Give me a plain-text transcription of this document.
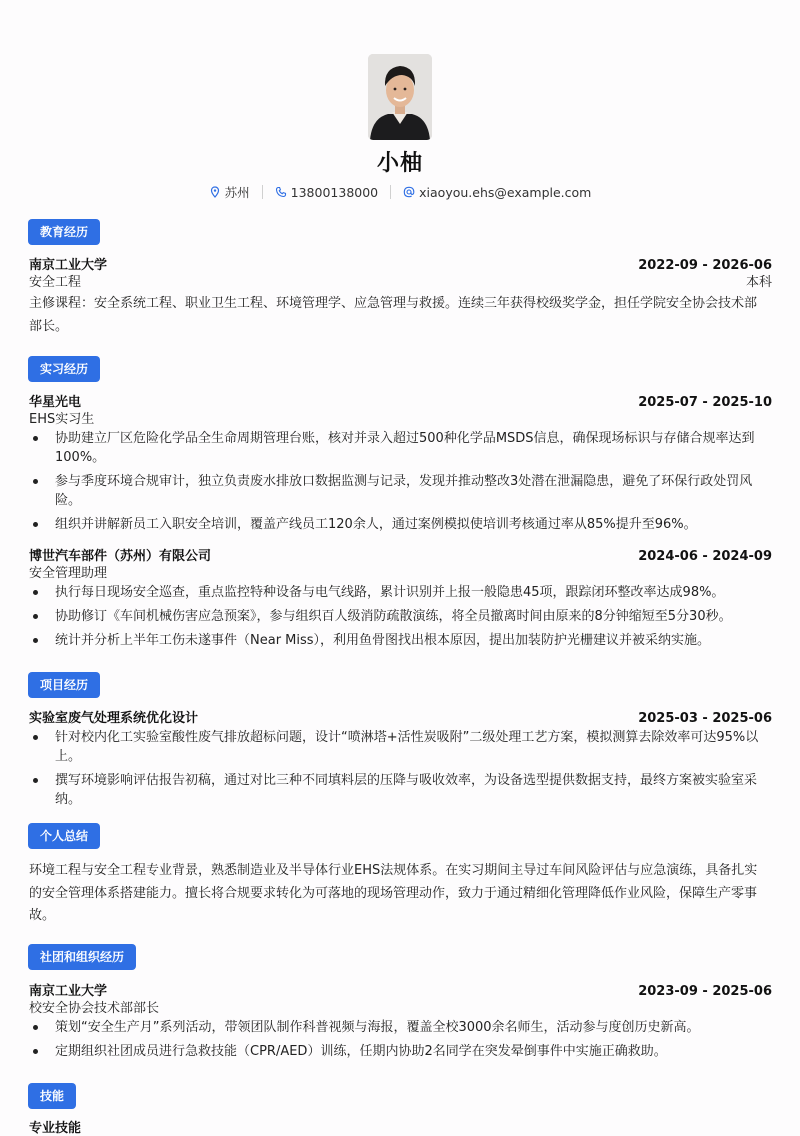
小柚
苏州	13800138000	xiaoyou.ehs@example.com
教育经历
南京工业大学	2022-09 - 2026-06
安全工程	本科

主修课程：安全系统工程、职业卫生工程、环境管理学、应急管理与救援。连续三年获得校级奖学金，担任学院安全协会技术部部长。

实习经历
华星光电	2025-07 - 2025-10
EHS实习生
协助建立厂区危险化学品全生命周期管理台账，核对并录入超过500种化学品MSDS信息，确保现场标识与存储合规率达到100%。
参与季度环境合规审计，独立负责废水排放口数据监测与记录，发现并推动整改3处潜在泄漏隐患，避免了环保行政处罚风险。
组织并讲解新员工入职安全培训，覆盖产线员工120余人，通过案例模拟使培训考核通过率从85%提升至96%。
博世汽车部件（苏州）有限公司	2024-06 - 2024-09
安全管理助理
执行每日现场安全巡查，重点监控特种设备与电气线路，累计识别并上报一般隐患45项，跟踪闭环整改率达成98%。
协助修订《车间机械伤害应急预案》，参与组织百人级消防疏散演练，将全员撤离时间由原来的8分钟缩短至5分30秒。
统计并分析上半年工伤未遂事件（Near Miss），利用鱼骨图找出根本原因，提出加装防护光栅建议并被采纳实施。
项目经历
实验室废气处理系统优化设计	2025-03 - 2025-06
针对校内化工实验室酸性废气排放超标问题，设计“喷淋塔+活性炭吸附”二级处理工艺方案，模拟测算去除效率可达95%以上。
撰写环境影响评估报告初稿，通过对比三种不同填料层的压降与吸收效率，为设备选型提供数据支持，最终方案被实验室采纳。
个人总结

环境工程与安全工程专业背景，熟悉制造业及半导体行业EHS法规体系。在实习期间主导过车间风险评估与应急演练，具备扎实的安全管理体系搭建能力。擅长将合规要求转化为可落地的现场管理动作，致力于通过精细化管理降低作业风险，保障生产零事故。

社团和组织经历
南京工业大学	2023-09 - 2025-06
校安全协会技术部部长
策划“安全生产月”系列活动，带领团队制作科普视频与海报，覆盖全校3000余名师生，活动参与度创历史新高。
定期组织社团成员进行急救技能（CPR/AED）训练，任期内协助2名同学在突发晕倒事件中实施正确救助。
技能
专业技能
